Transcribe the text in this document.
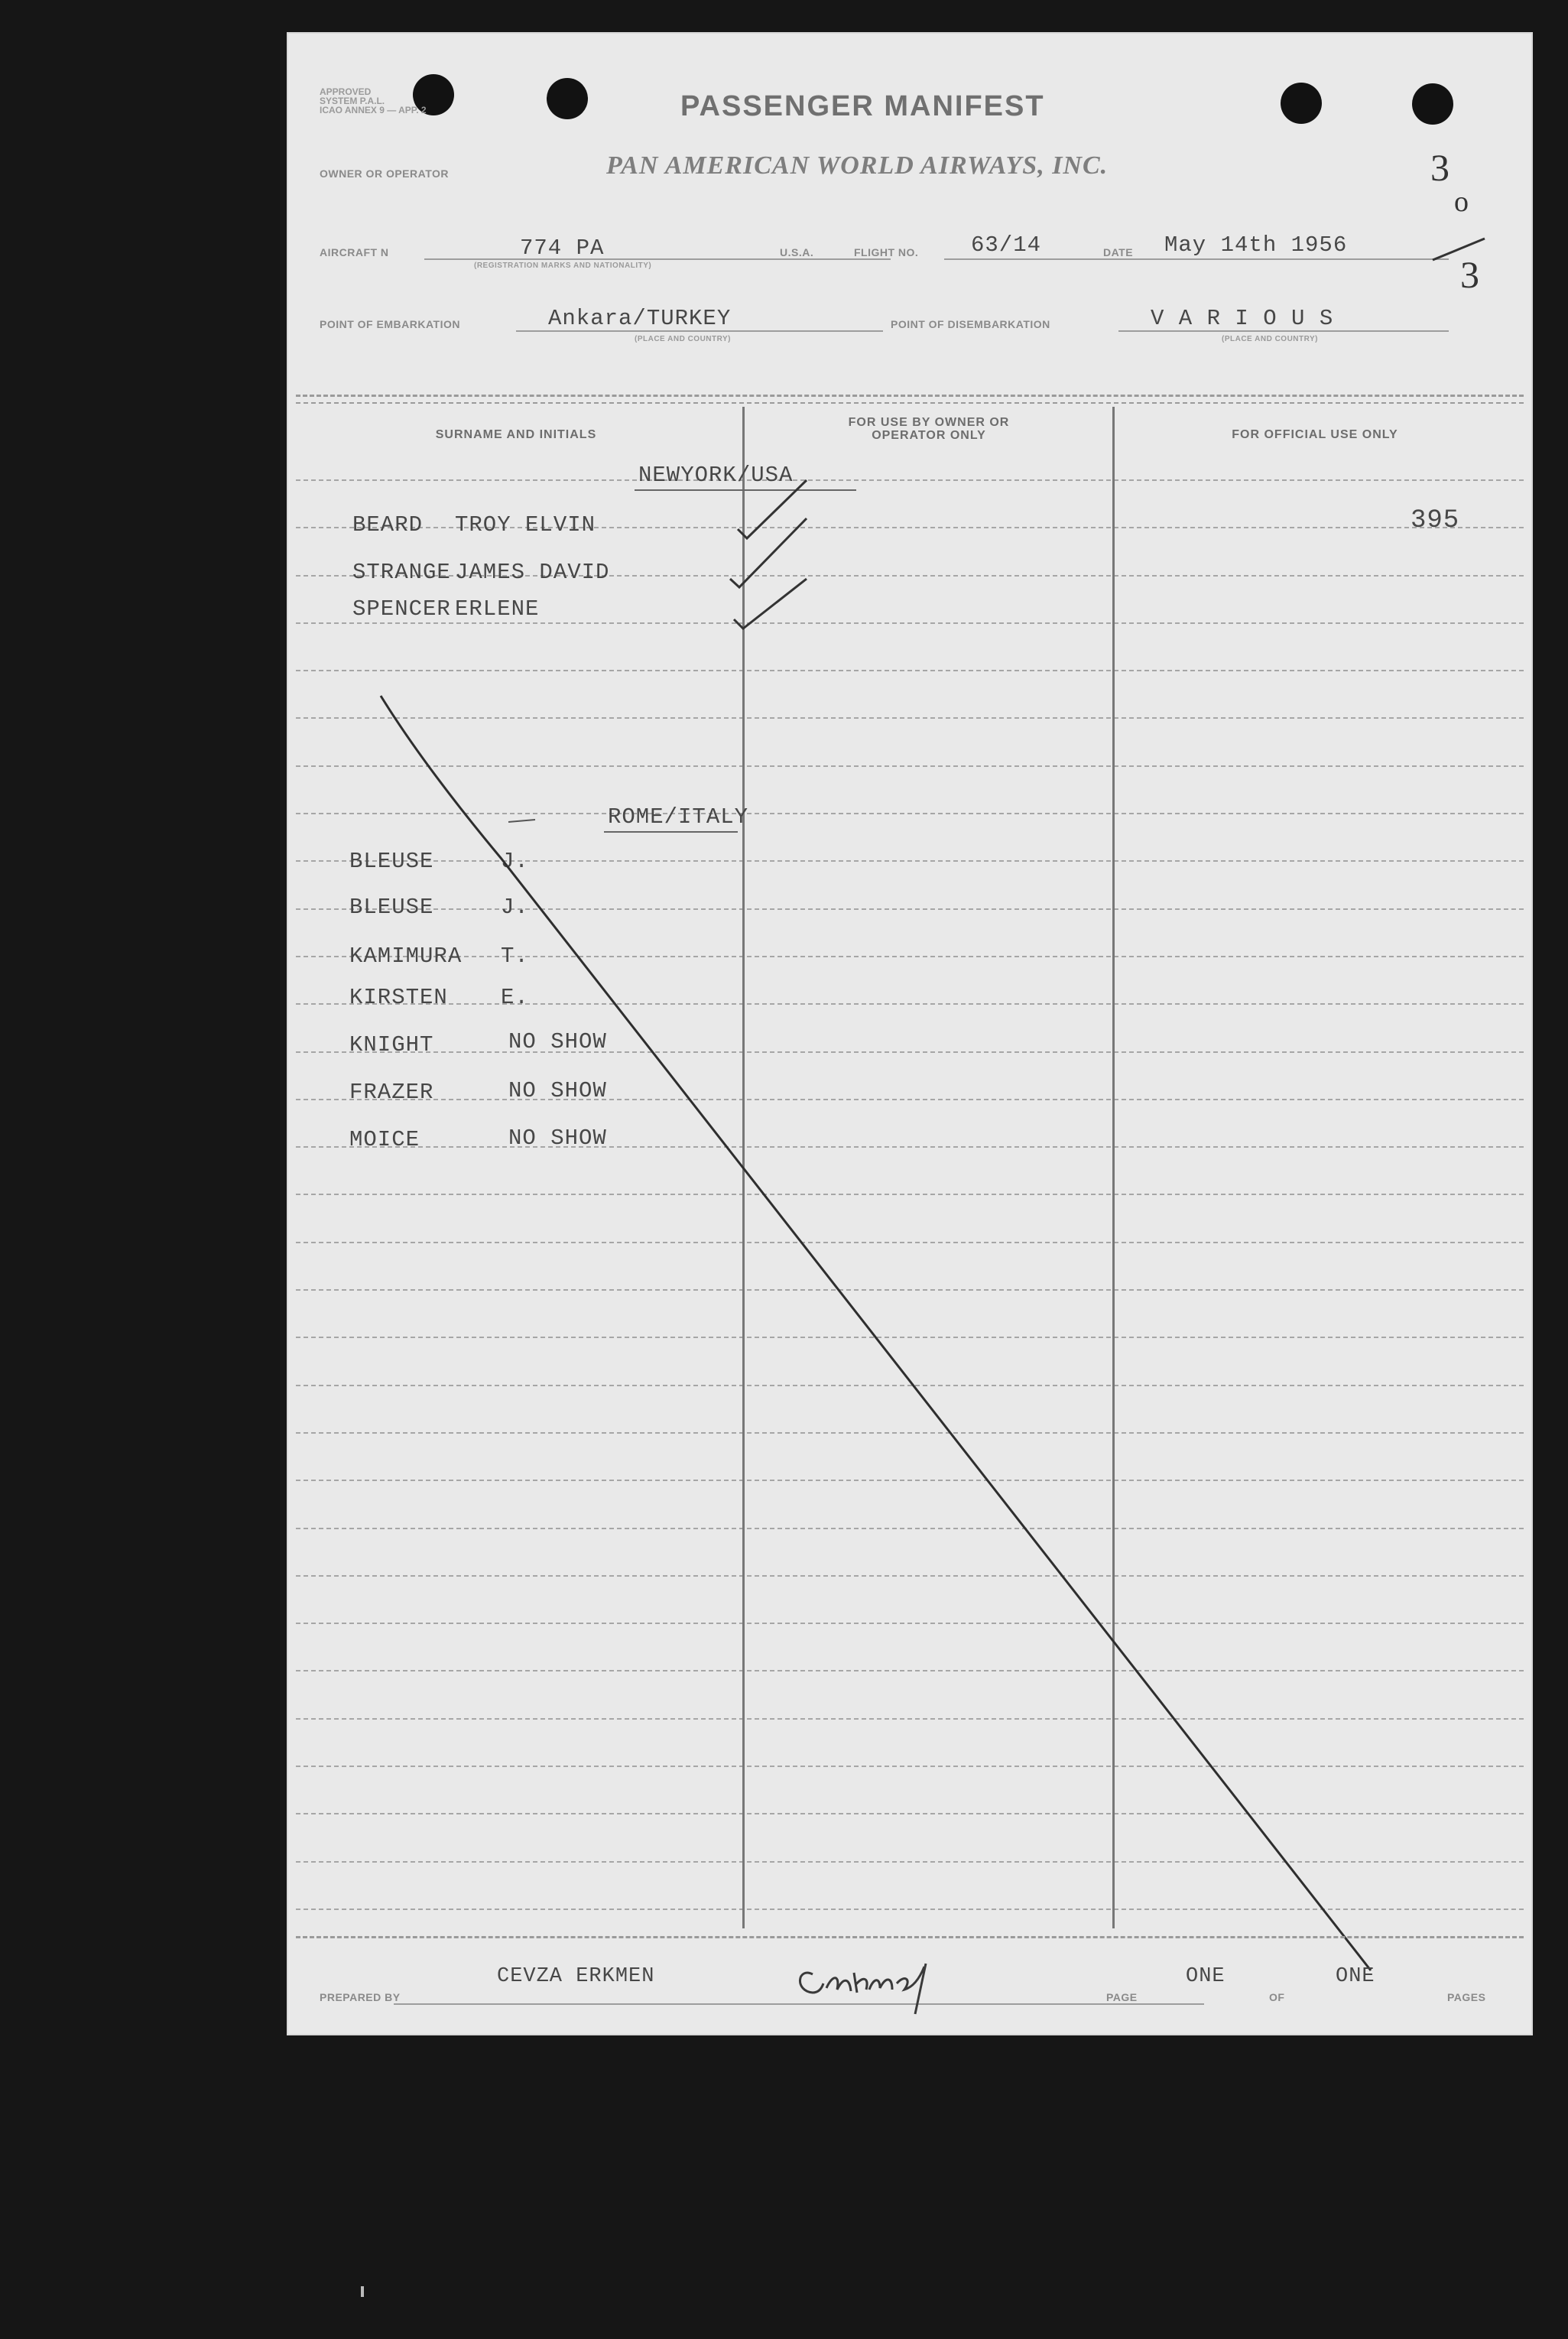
APPROVED
SYSTEM P.A.L.
ICAO ANNEX 9 — APP. 2	PASSENGER MANIFEST
OWNER OR OPERATOR	PAN AMERICAN WORLD AIRWAYS, INC.
AIRCRAFT N	774 PA
(REGISTRATION MARKS AND NATIONALITY)
U.S.A.	FLIGHT NO. 63/14	DATE May 14th 1956
3
o
3
POINT OF EMBARKATION	Ankara/TURKEY
(PLACE AND COUNTRY)
POINT OF DISEMBARKATION	V A R I O U S
(PLACE AND COUNTRY)
SURNAME AND INITIALS
FOR USE BY OWNER OR OPERATOR ONLY	FOR OFFICIAL USE ONLY
NEWYORK/USA
BEARD TROY ELVIN	395
STRANGE JAMES DAVID
SPENCER ERLENE
ROME/ITALY
BLEUSE	J.
BLEUSE	J.
KAMIMURA T.
KIRSTEN E.
KNIGHT	NO SHOW
FRAZER	NO SHOW
MOICE	NO SHOW
PREPARED BY
CEVZA ERKMEN
PAGE
ONE
OF
ONE
PAGES
